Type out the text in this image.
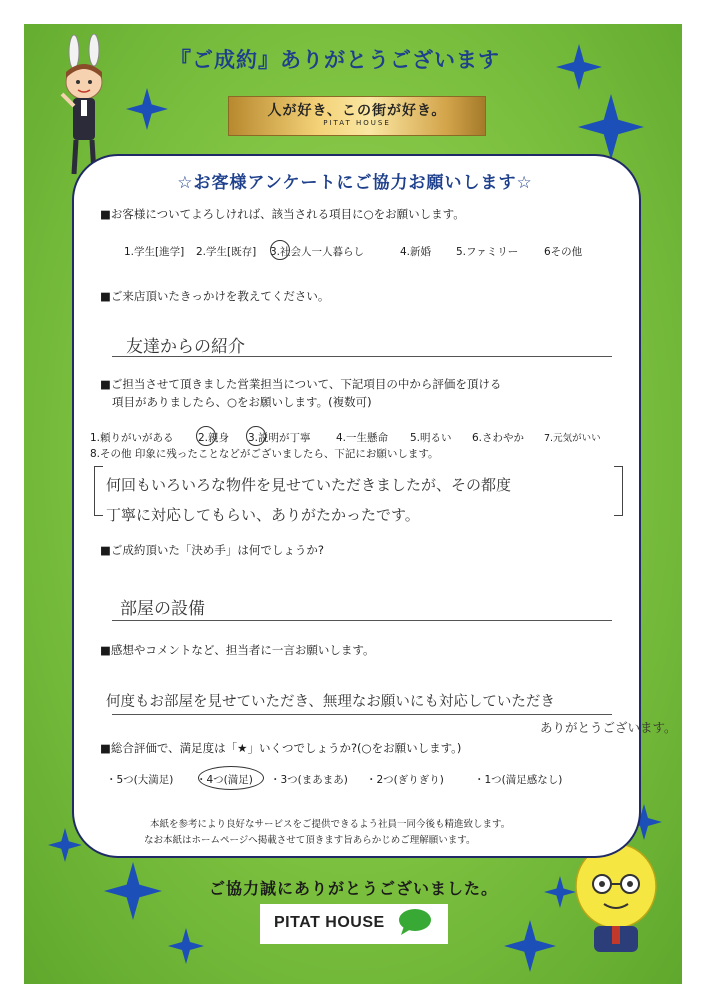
『ご成約』ありがとうございます
人が好き、この街が好き。
PITAT HOUSE
☆お客様アンケートにご協力お願いします☆
■お客様についてよろしければ、該当される項目に○をお願いします。
1.学生[進学] 2.学生[既存] 3.社会人一人暮らし	4.新婚 5.ファミリー 6その他
■ご来店頂いたきっかけを教えてください。
友達からの紹介
■ご担当させて頂きました営業担当について、下記項目の中から評価を頂ける
項目がありましたら、○をお願いします。(複数可)
1.頼りがいがある 2.親身 3.説明が丁寧 4.一生懸命 5.明るい 6.さわやか 7.元気がいい
8.その他 印象に残ったことなどがございましたら、下記にお願いします。
何回もいろいろな物件を見せていただきましたが、その都度
丁寧に対応してもらい、ありがたかったです。
■ご成約頂いた「決め手」は何でしょうか?
部屋の設備
■感想やコメントなど、担当者に一言お願いします。
何度もお部屋を見せていただき、無理なお願いにも対応していただき
ありがとうございます。
■総合評価で、満足度は「★」いくつでしょうか?(○をお願いします。)
・5つ(大満足) ・4つ(満足) ・3つ(まあまあ) ・2つ(ぎりぎり)	・1つ(満足感なし)
本紙を参考により良好なサービスをご提供できるよう社員一同今後も精進致します。
なお本紙はホームページへ掲載させて頂きます旨あらかじめご理解願います。
ご協力誠にありがとうございました。
PITAT HOUSE
